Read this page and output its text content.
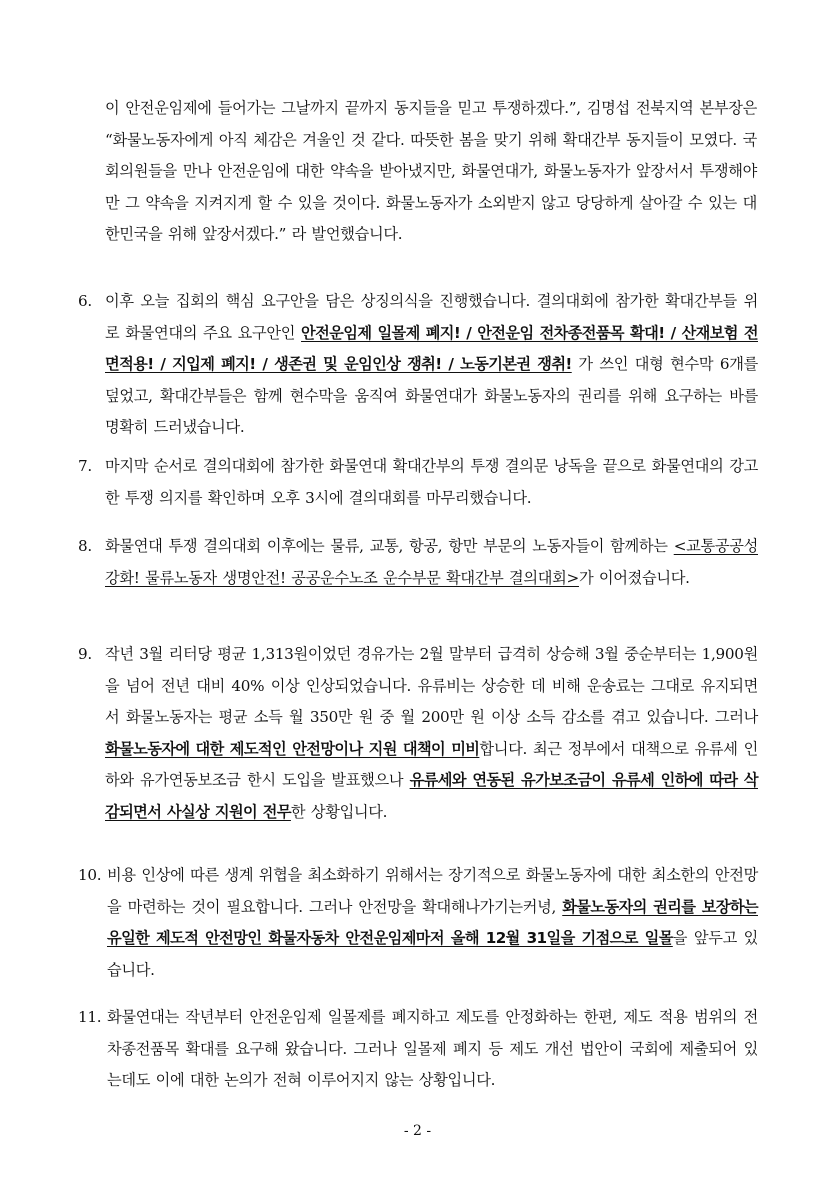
이 안전운임제에 들어가는 그날까지 끝까지 동지들을 믿고 투쟁하겠다.”, 김명섭 전북지역 본부장은 “화물노동자에게 아직 체감은 겨울인 것 같다. 따뜻한 봄을 맞기 위해 확대간부 동지들이 모였다. 국회의원들을 만나 안전운임에 대한 약속을 받아냈지만, 화물연대가, 화물노동자가 앞장서서 투쟁해야만 그 약속을 지켜지게 할 수 있을 것이다. 화물노동자가 소외받지 않고 당당하게 살아갈 수 있는 대한민국을 위해 앞장서겠다.” 라 발언했습니다.
6. 이후 오늘 집회의 핵심 요구안을 담은 상징의식을 진행했습니다. 결의대회에 참가한 확대간부들 위로 화물연대의 주요 요구안인 안전운임제 일몰제 폐지! / 안전운임 전차종전품목 확대! / 산재보험 전면적용! / 지입제 폐지! / 생존권 및 운임인상 쟁취! / 노동기본권 쟁취! 가 쓰인 대형 현수막 6개를 덮었고, 확대간부들은 함께 현수막을 움직여 화물연대가 화물노동자의 권리를 위해 요구하는 바를 명확히 드러냈습니다.
7. 마지막 순서로 결의대회에 참가한 화물연대 확대간부의 투쟁 결의문 낭독을 끝으로 화물연대의 강고한 투쟁 의지를 확인하며 오후 3시에 결의대회를 마무리했습니다.
8. 화물연대 투쟁 결의대회 이후에는 물류, 교통, 항공, 항만 부문의 노동자들이 함께하는 <교통공공성 강화! 물류노동자 생명안전! 공공운수노조 운수부문 확대간부 결의대회>가 이어졌습니다.
9. 작년 3월 리터당 평균 1,313원이었던 경유가는 2월 말부터 급격히 상승해 3월 중순부터는 1,900원을 넘어 전년 대비 40% 이상 인상되었습니다. 유류비는 상승한 데 비해 운송료는 그대로 유지되면서 화물노동자는 평균 소득 월 350만 원 중 월 200만 원 이상 소득 감소를 겪고 있습니다. 그러나 화물노동자에 대한 제도적인 안전망이나 지원 대책이 미비합니다. 최근 정부에서 대책으로 유류세 인하와 유가연동보조금 한시 도입을 발표했으나 유류세와 연동된 유가보조금이 유류세 인하에 따라 삭감되면서 사실상 지원이 전무한 상황입니다.
10. 비용 인상에 따른 생계 위협을 최소화하기 위해서는 장기적으로 화물노동자에 대한 최소한의 안전망을 마련하는 것이 필요합니다. 그러나 안전망을 확대해나가기는커녕, 화물노동자의 권리를 보장하는 유일한 제도적 안전망인 화물자동차 안전운임제마저 올해 12월 31일을 기점으로 일몰을 앞두고 있습니다.
11. 화물연대는 작년부터 안전운임제 일몰제를 폐지하고 제도를 안정화하는 한편, 제도 적용 범위의 전차종전품목 확대를 요구해 왔습니다. 그러나 일몰제 폐지 등 제도 개선 법안이 국회에 제출되어 있는데도 이에 대한 논의가 전혀 이루어지지 않는 상황입니다.
- 2 -
